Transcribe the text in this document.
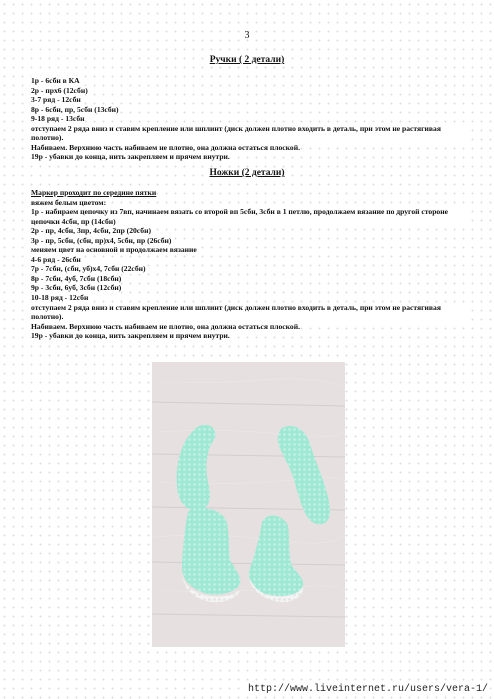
3
Ручки ( 2 детали)
1р - 6сбн в КА
2р - прх6 (12сбн)
3-7 ряд - 12сбн
8р - 6сбн, пр, 5сбн (13сбн)
9-18 ряд - 13сбн
отступаем 2 ряда вниз и ставим крепление или шплинт (диск должен плотно входить в деталь, при этом не растягивая полотно).
Набиваем. Верхнюю часть набиваем не плотно, она должна остаться плоской.
19р - убавки до конца, нить закрепляем и прячем внутри.
Ножки (2 детали)
Маркер проходит по середине пятки
вяжем белым цветом:
1р - набираем цепочку из 7вп, начинаем вязать со второй вп 5сбн, 3сбн в 1 петлю, продолжаем вязание по другой стороне цепочки 4сбн, пр (14сбн)
2р - пр, 4сбн, 3пр, 4сбн, 2пр (20сбн)
3р - пр, 5сбн, (сбн, пр)х4, 5сбн, пр (26сбн)
меняем цвет на основной и продолжаем вязание
4-6 ряд - 26сбн
7р - 7сбн, (сбн, уб)х4, 7сбн (22сбн)
8р - 7сбн, 4уб, 7сбн (18сбн)
9р - 3сбн, 6уб, 3сбн (12сбн)
10-18 ряд - 12сбн
отступаем 2 ряда вниз и ставим крепление или шплинт (диск должен плотно входить в деталь, при этом не растягивая полотно).
Набиваем. Верхнюю часть набиваем не плотно, она должна остаться плоской.
19р - убавки до конца, нить закрепляем и прячем внутри.
http://www.liveinternet.ru/users/vera-1/
